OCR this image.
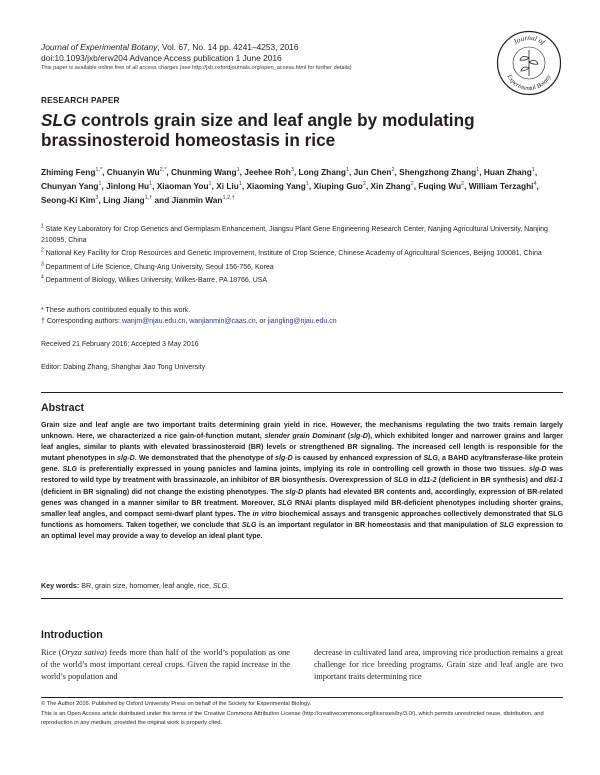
Journal of Experimental Botany, Vol. 67, No. 14 pp. 4241–4253, 2016
doi:10.1093/jxb/erw204 Advance Access publication 1 June 2016
This paper is available online free of all access charges (see http://jxb.oxfordjournals.org/open_access.html for further details)
Journal of
Experimental Botany
RESEARCH PAPER
SLG controls grain size and leaf angle by modulating brassinosteroid homeostasis in rice
Zhiming Feng$^{1,*}$, Chuanyin $Wu^{2,*}$, Chunming Wang$^1$, Jeehee Roh$^3$, Long Zhang$^1$, Jun Chen$^2$, Shengzhong Zhang$^1$, Huan Zhang$^1$, Chunyan Yang$^1$, Jinlong Hu$^1$, Xiaoman You$^1$, Xi Liu$^1$, Xiaoming Yang$^1$, Xiuping Guo$^2$, Xin Zhang$^2$, Fuqing Wu$^2$, William Terzaghi$^4$, Seong-Ki Kim$^3$, Ling Jiang$^{1,\dagger}$ and Jianmin Wan$^{1,2,\dagger}$
$^1$ State Key Laboratory for Crop Genetics and Germplasm Enhancement, Jiangsu Plant Gene Engineering Research Center, Nanjing Agricultural University, Nanjing 210095, China
$^2$ National Key Facility for Crop Resources and Genetic Improvement, Institute of Crop Science, Chinese Academy of Agricultural Sciences, Beijing 100081, China
$^3$ Department of Life Science, Chung-Ang University, Seoul 156-756, Korea
$^4$ Department of Biology, Wilkes University, Wilkes-Barre, PA 18766, USA
* These authors contributed equally to this work.
† Corresponding authors: wanjm@njau.edu.cn, wanjianmin@caas.cn, or jiangling@njau.edu.cn
Received 21 February 2016; Accepted 3 May 2016
Editor: Dabing Zhang, Shanghai Jiao Tong University
Abstract

Grain size and leaf angle are two important traits determining grain yield in rice. However, the mechanisms regulating the two traits remain largely unknown. Here, we characterized a rice gain-of-function mutant, slender grain Dominant (slg-D), which exhibited longer and narrower grains and larger leaf angles, similar to plants with elevated brassinosteroid (BR) levels or strengthened BR signaling. The increased cell length is responsible for the mutant phenotypes in slg-D. We demonstrated that the phenotype of slg-D is caused by enhanced expression of SLG, a BAHD acyltransferase-like protein gene. SLG is preferentially expressed in young panicles and lamina joints, implying its role in controlling cell growth in those two tissues. slg-D was restored to wild type by treatment with brassinazole, an inhibitor of BR biosynthesis. Overexpression of SLG in d11-2 (deficient in BR synthesis) and d61-1 (deficient in BR signaling) did not change the existing phenotypes. The slg-D plants had elevated BR contents and, accordingly, expression of BR-related genes was changed in a manner similar to BR treatment. Moreover, SLG RNAi plants displayed mild BR-deficient phenotypes including shorter grains, smaller leaf angles, and compact semi-dwarf plant types. The in vitro biochemical assays and transgenic approaches collectively demonstrated that SLG functions as homomers. Taken together, we conclude that SLG is an important regulator in BR homeostasis and that manipulation of SLG expression to an optimal level may provide a way to develop an ideal plant type.

Key words: BR, grain size, homomer, leaf angle, rice, SLG.
Introduction

Rice (Oryza sativa) feeds more than half of the world’s population as one of the world’s most important cereal crops. Given the rapid increase in the world’s population and

decrease in cultivated land area, improving rice production remains a great challenge for rice breeding programs. Grain size and leaf angle are two important traits determining rice

© The Author 2016. Published by Oxford University Press on behalf of the Society for Experimental Biology.
This is an Open Access article distributed under the terms of the Creative Commons Attribution License (http://creativecommons.org/licenses/by/3.0/), which permits unrestricted reuse, distribution, and reproduction in any medium, provided the original work is properly cited.
